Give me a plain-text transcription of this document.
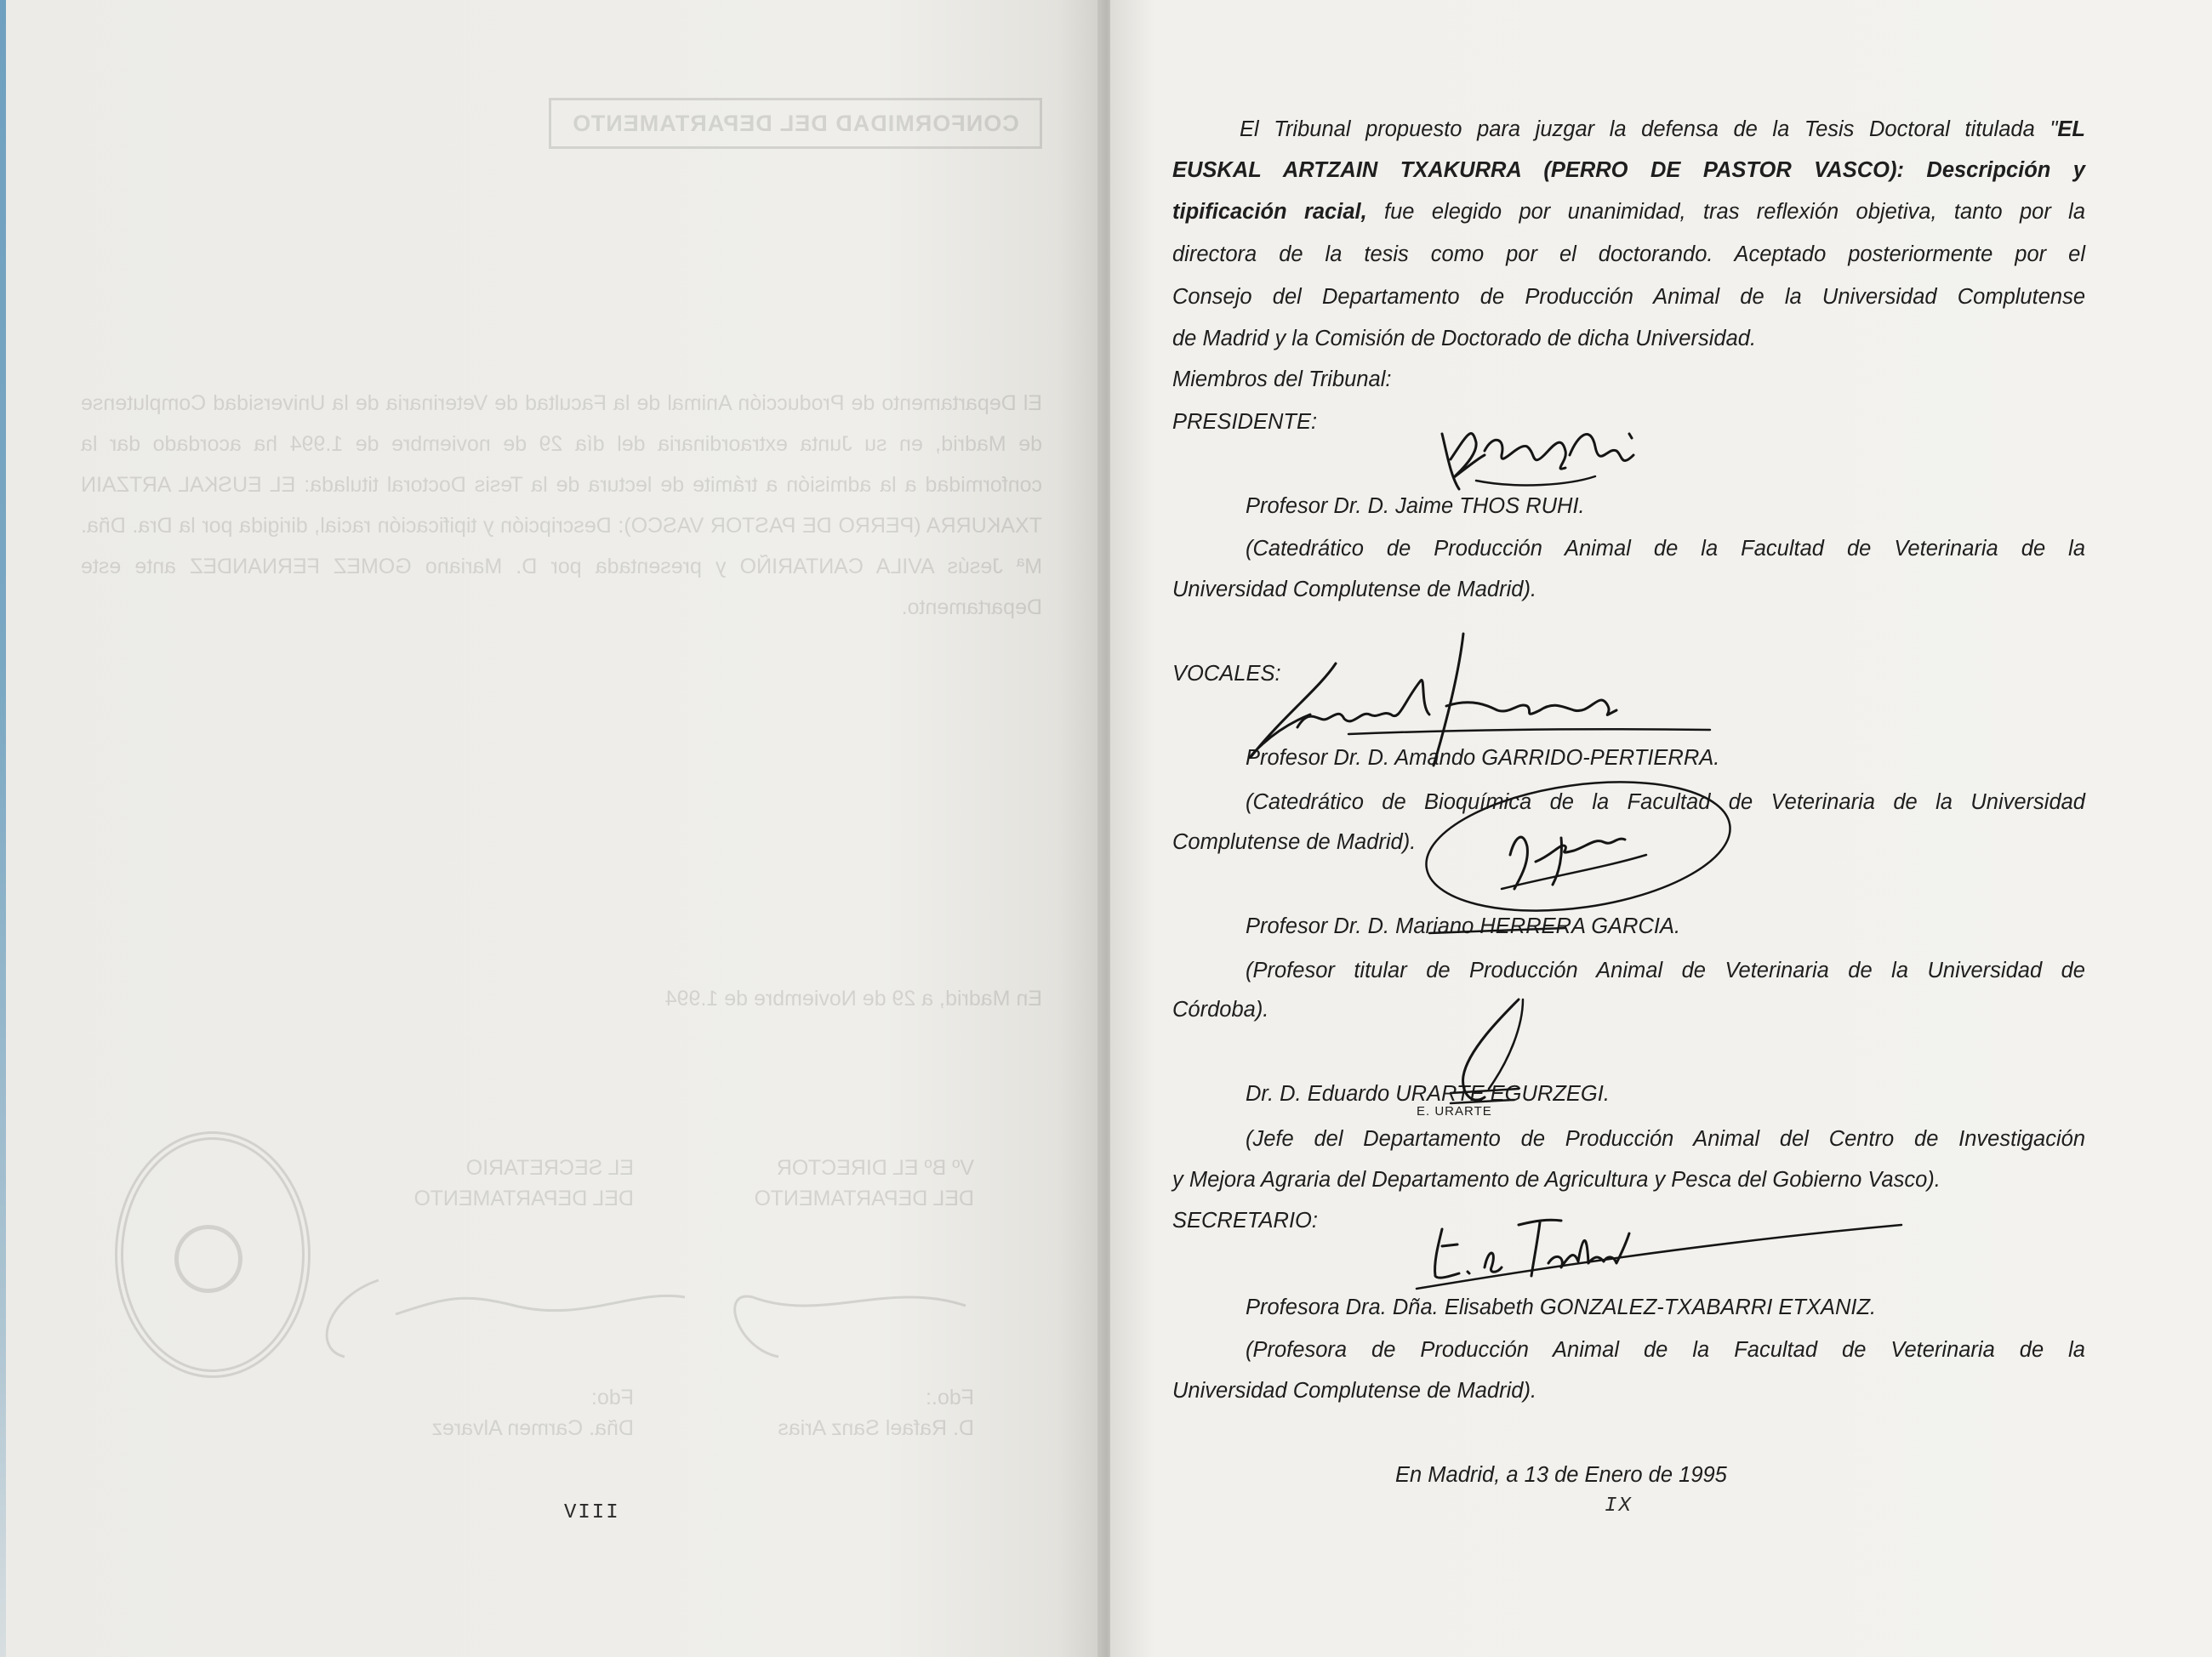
CONFORMIDAD DEL DEPARTAMENTO
El Departamento de Producción Animal de la Facultad de Veterinaria de la Universidad Complutense de Madrid, en su Junta extraordinaria del día 29 de noviembre de 1.994 ha acordado dar la conformidad a la admisión a trámite de lectura de la Tesis Doctoral titulada: EL EUSKAL ARTZAIN TXAKURRA (PERRO DE PASTOR VASCO): Descripción y tipificación racial, dirigida por la Dra. Dña. Mª Jesús AVILA CANTARIÑO y presentada por D. Mariano GOMEZ FERNANDEZ ante este Departamento.
En Madrid, a 29 de Noviembre de 1.994
Vº Bº EL DIRECTOR
DEL DEPARTAMENTO
EL SECRETARIO
DEL DEPARTAMENTO
Fdo.:
D. Rafael Sanz Arias
Fdo:
Dña. Carmen Alvarez
VIII
El Tribunal propuesto para juzgar la defensa de la Tesis Doctoral titulada "EL
EUSKAL ARTZAIN TXAKURRA (PERRO DE PASTOR VASCO): Descripción y
tipificación racial, fue elegido por unanimidad, tras reflexión objetiva, tanto por la
directora de la tesis como por el doctorando. Aceptado posteriormente por el
Consejo del Departamento de Producción Animal de la Universidad Complutense
de Madrid y la Comisión de Doctorado de dicha Universidad.
Miembros del Tribunal:
PRESIDENTE:
Profesor Dr. D. Jaime THOS RUHI.
(Catedrático de Producción Animal de la Facultad de Veterinaria de la
Universidad Complutense de Madrid).
VOCALES:
Profesor Dr. D. Amando GARRIDO-PERTIERRA.
(Catedrático de Bioquímica de la Facultad de Veterinaria de la Universidad
Complutense de Madrid).
Profesor Dr. D. Mariano HERRERA GARCIA.
(Profesor titular de Producción Animal de Veterinaria de la Universidad de
Córdoba).
Dr. D. Eduardo URARTE EGURZEGI.
E. URARTE
(Jefe del Departamento de Producción Animal del Centro de Investigación
y Mejora Agraria del Departamento de Agricultura y Pesca del Gobierno Vasco).
SECRETARIO:
Profesora Dra. Dña. Elisabeth GONZALEZ-TXABARRI ETXANIZ.
(Profesora de Producción Animal de la Facultad de Veterinaria de la
Universidad Complutense de Madrid).
En Madrid, a 13 de Enero de 1995
IX
